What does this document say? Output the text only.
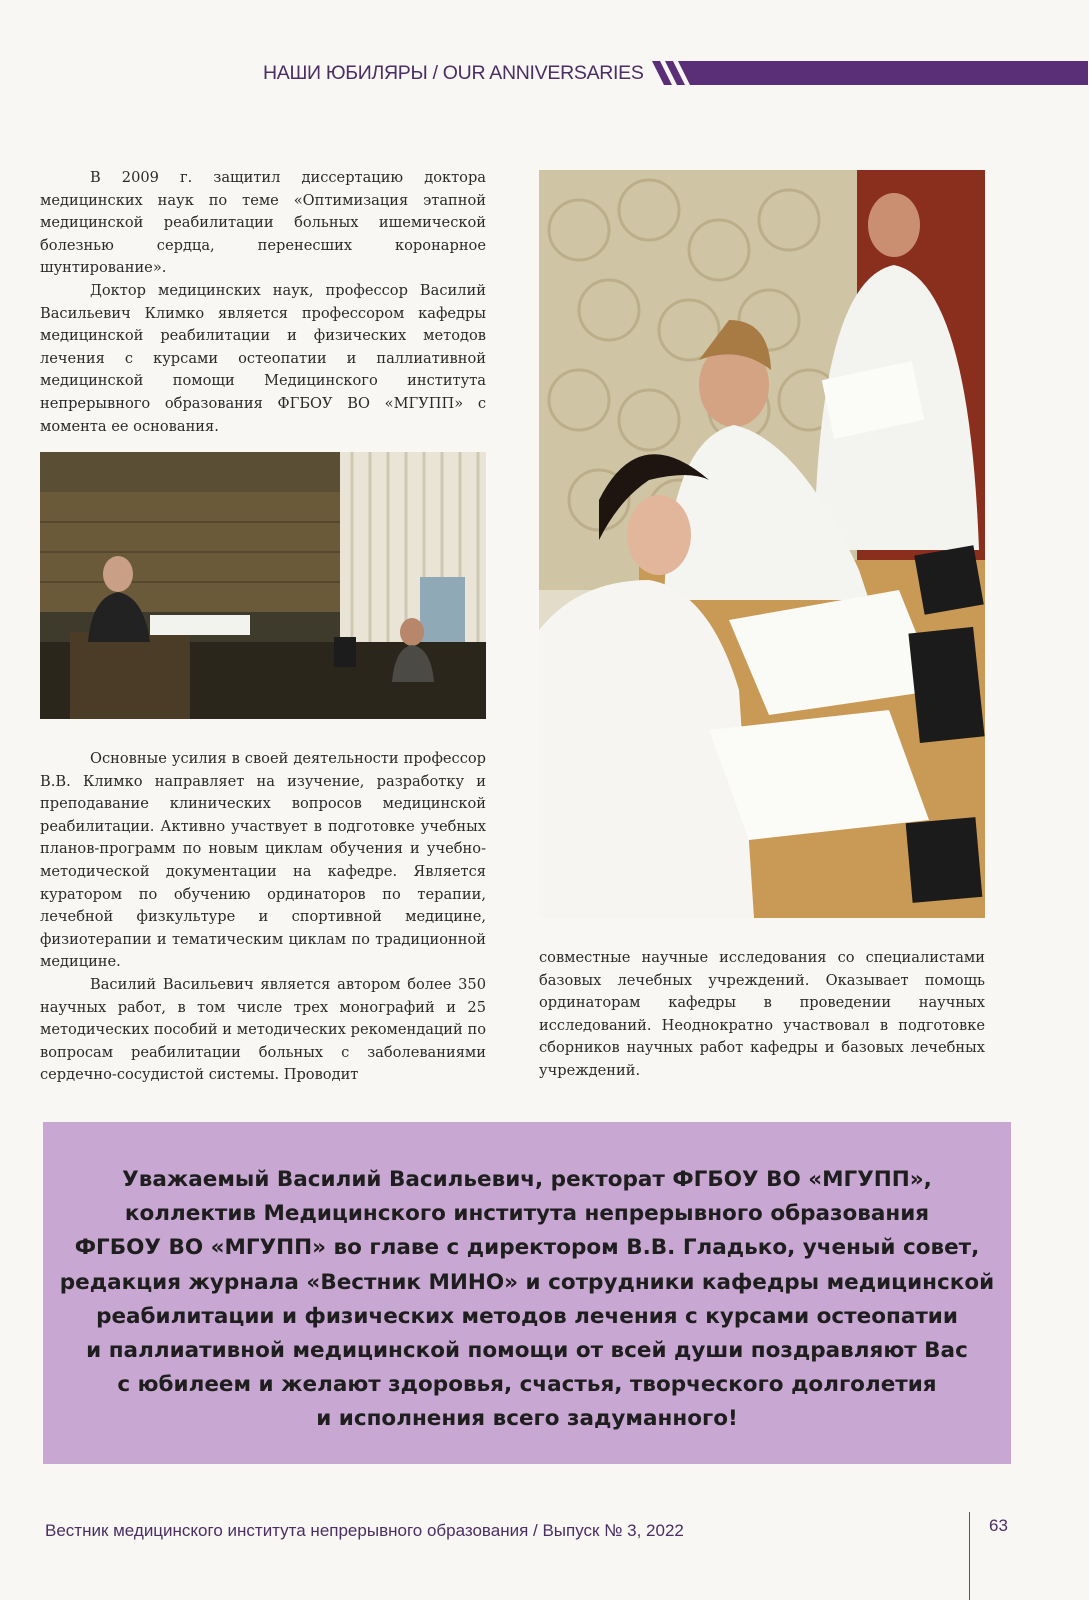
НАШИ ЮБИЛЯРЫ / OUR ANNIVERSARIES

В 2009 г. защитил диссертацию доктора медицинских наук по теме «Оптимизация этапной медицинской реабилитации больных ишемической болезнью сердца, перенесших коронарное шунтирование».

Доктор медицинских наук, профессор Василий Васильевич Климко является профессором кафедры медицинской реабилитации и физических методов лечения с курсами остеопатии и паллиативной медицинской помощи Медицинского института непрерывного образования ФГБОУ ВО «МГУПП» с момента ее основания.

Основные усилия в своей деятельности профессор В.В. Климко направляет на изучение, разработку и преподавание клинических вопросов медицинской реабилитации. Активно участвует в подготовке учебных планов-программ по новым циклам обучения и учебно-методической документации на кафедре. Является куратором по обучению ординаторов по терапии, лечебной физкультуре и спортивной медицине, физиотерапии и тематическим циклам по традиционной медицине.

Василий Васильевич является автором более 350 научных работ, в том числе трех монографий и 25 методических пособий и методических рекомендаций по вопросам реабилитации больных с заболеваниями сердечно-сосудистой системы. Проводит

совместные научные исследования со специалистами базовых лечебных учреждений. Оказывает помощь ординаторам кафедры в проведении научных исследований. Неоднократно участвовал в подготовке сборников научных работ кафедры и базовых лечебных учреждений.

Уважаемый Василий Васильевич, ректорат ФГБОУ ВО «МГУПП»,
коллектив Медицинского института непрерывного образования
ФГБОУ ВО «МГУПП» во главе с директором В.В. Гладько, ученый совет,
редакция журнала «Вестник МИНО» и сотрудники кафедры медицинской
реабилитации и физических методов лечения с курсами остеопатии
и паллиативной медицинской помощи от всей души поздравляют Вас
с юбилеем и желают здоровья, счастья, творческого долголетия
и исполнения всего задуманного!
Вестник медицинского института непрерывного образования / Выпуск № 3, 2022	63
